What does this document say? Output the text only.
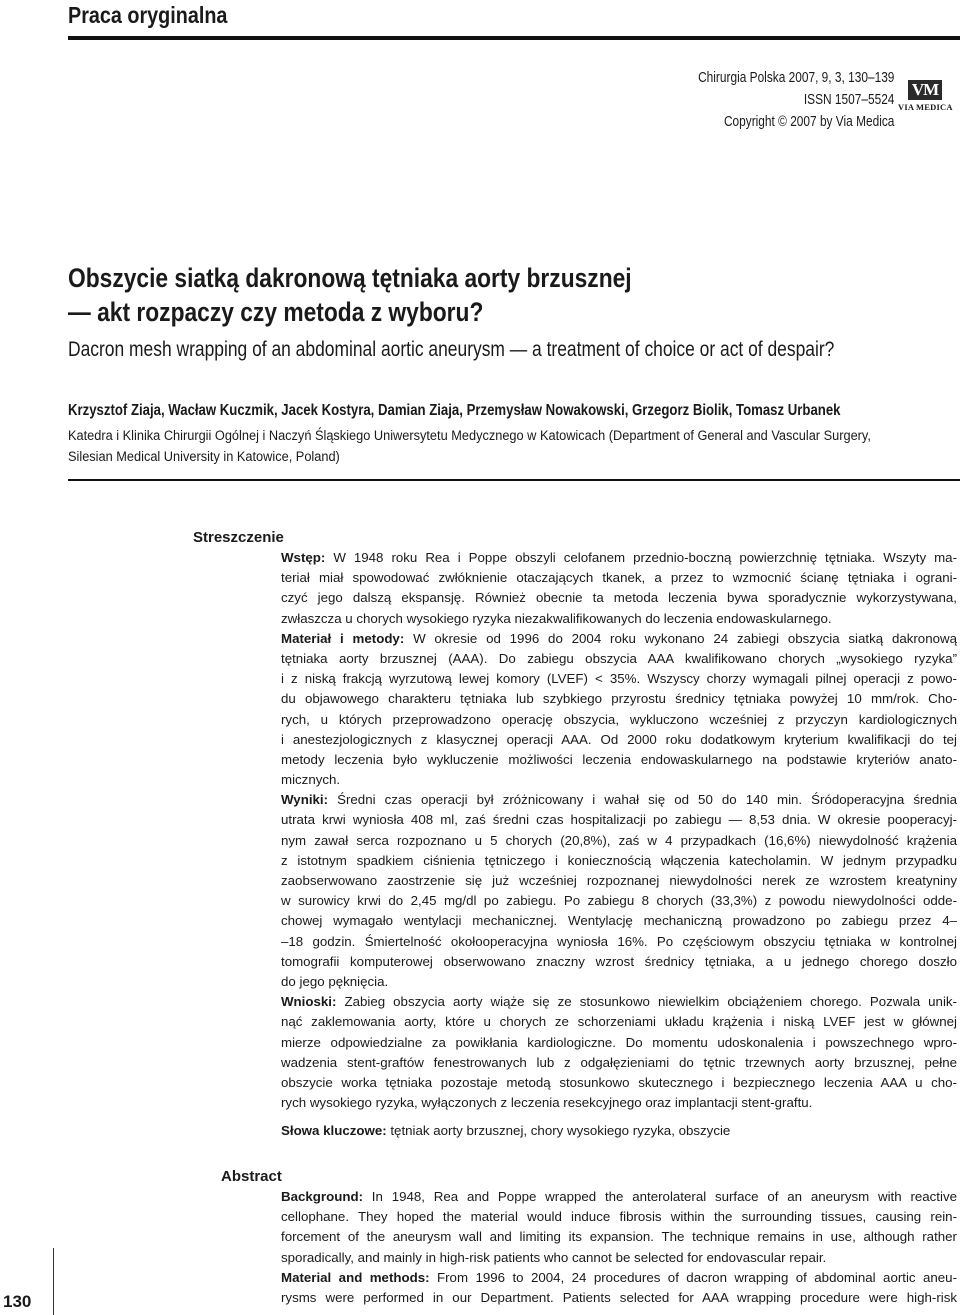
Praca oryginalna
Chirurgia Polska 2007, 9, 3, 130–139
ISSN 1507–5524
Copyright © 2007 by Via Medica
VM
VIA MEDICA
Obszycie siatką dakronową tętniaka aorty brzusznej
— akt rozpaczy czy metoda z wyboru?
Dacron mesh wrapping of an abdominal aortic aneurysm — a treatment of choice or act of despair?
Krzysztof Ziaja, Wacław Kuczmik, Jacek Kostyra, Damian Ziaja, Przemysław Nowakowski, Grzegorz Biolik, Tomasz Urbanek
Katedra i Klinika Chirurgii Ogólnej i Naczyń Śląskiego Uniwersytetu Medycznego w Katowicach (Department of General and Vascular Surgery,
Silesian Medical University in Katowice, Poland)
Streszczenie
Wstęp: W 1948 roku Rea i Poppe obszyli celofanem przednio-boczną powierzchnię tętniaka. Wszyty ma-
teriał miał spowodować zwłóknienie otaczających tkanek, a przez to wzmocnić ścianę tętniaka i ograni-
czyć jego dalszą ekspansję. Również obecnie ta metoda leczenia bywa sporadycznie wykorzystywana,
zwłaszcza u chorych wysokiego ryzyka niezakwalifikowanych do leczenia endowaskularnego.
Materiał i metody: W okresie od 1996 do 2004 roku wykonano 24 zabiegi obszycia siatką dakronową
tętniaka aorty brzusznej (AAA). Do zabiegu obszycia AAA kwalifikowano chorych „wysokiego ryzyka”
i z niską frakcją wyrzutową lewej komory (LVEF) < 35%. Wszyscy chorzy wymagali pilnej operacji z powo-
du objawowego charakteru tętniaka lub szybkiego przyrostu średnicy tętniaka powyżej 10 mm/rok. Cho-
rych, u których przeprowadzono operację obszycia, wykluczono wcześniej z przyczyn kardiologicznych
i anestezjologicznych z klasycznej operacji AAA. Od 2000 roku dodatkowym kryterium kwalifikacji do tej
metody leczenia było wykluczenie możliwości leczenia endowaskularnego na podstawie kryteriów anato-
micznych.
Wyniki: Średni czas operacji był zróżnicowany i wahał się od 50 do 140 min. Śródoperacyjna średnia
utrata krwi wyniosła 408 ml, zaś średni czas hospitalizacji po zabiegu — 8,53 dnia. W okresie pooperacyj-
nym zawał serca rozpoznano u 5 chorych (20,8%), zaś w 4 przypadkach (16,6%) niewydolność krążenia
z istotnym spadkiem ciśnienia tętniczego i koniecznością włączenia katecholamin. W jednym przypadku
zaobserwowano zaostrzenie się już wcześniej rozpoznanej niewydolności nerek ze wzrostem kreatyniny
w surowicy krwi do 2,45 mg/dl po zabiegu. Po zabiegu 8 chorych (33,3%) z powodu niewydolności odde-
chowej wymagało wentylacji mechanicznej. Wentylację mechaniczną prowadzono po zabiegu przez 4–
–18 godzin. Śmiertelność okołooperacyjna wyniosła 16%. Po częściowym obszyciu tętniaka w kontrolnej
tomografii komputerowej obserwowano znaczny wzrost średnicy tętniaka, a u jednego chorego doszło
do jego pęknięcia.
Wnioski: Zabieg obszycia aorty wiąże się ze stosunkowo niewielkim obciążeniem chorego. Pozwala unik-
nąć zaklemowania aorty, które u chorych ze schorzeniami układu krążenia i niską LVEF jest w głównej
mierze odpowiedzialne za powikłania kardiologiczne. Do momentu udoskonalenia i powszechnego wpro-
wadzenia stent-graftów fenestrowanych lub z odgałęzieniami do tętnic trzewnych aorty brzusznej, pełne
obszycie worka tętniaka pozostaje metodą stosunkowo skutecznego i bezpiecznego leczenia AAA u cho-
rych wysokiego ryzyka, wyłączonych z leczenia resekcyjnego oraz implantacji stent-graftu.
Słowa kluczowe: tętniak aorty brzusznej, chory wysokiego ryzyka, obszycie
Abstract
Background: In 1948, Rea and Poppe wrapped the anterolateral surface of an aneurysm with reactive
cellophane. They hoped the material would induce fibrosis within the surrounding tissues, causing rein-
forcement of the aneurysm wall and limiting its expansion. The technique remains in use, although rather
sporadically, and mainly in high-risk patients who cannot be selected for endovascular repair.
Material and methods: From 1996 to 2004, 24 procedures of dacron wrapping of abdominal aortic aneu-
rysms were performed in our Department. Patients selected for AAA wrapping procedure were high-risk
130
